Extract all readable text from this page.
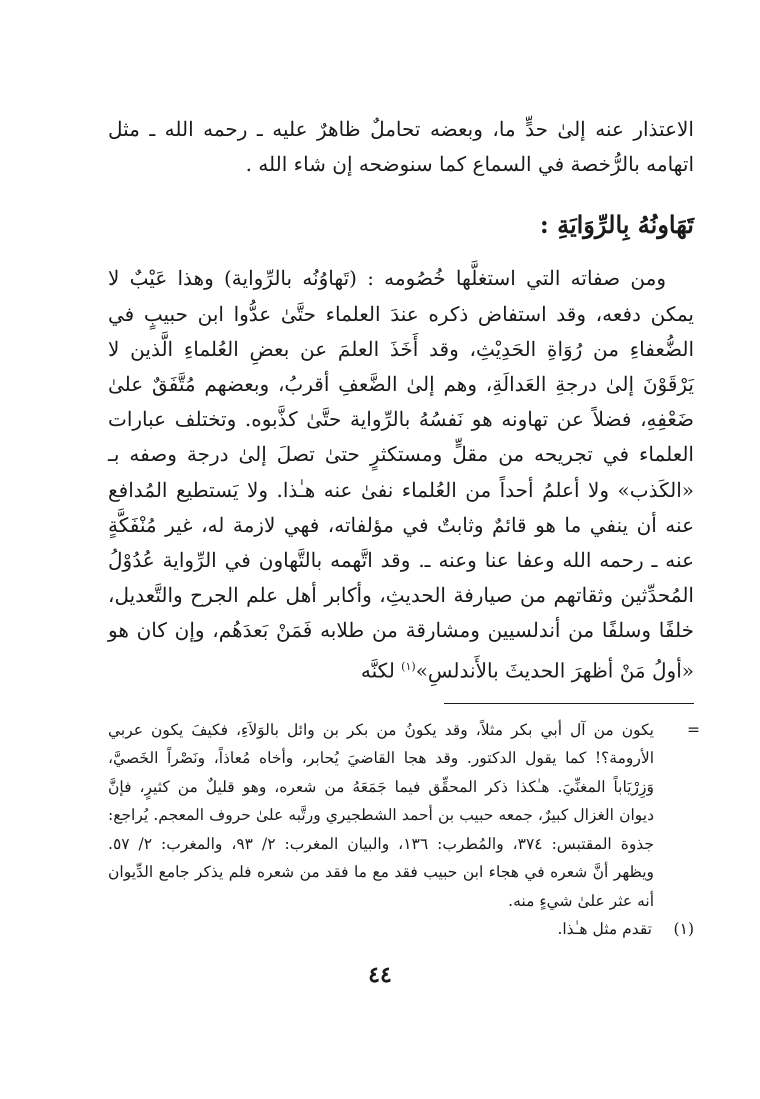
الاعتذار عنه إلىٰ حدٍّ ما، وبعضه تحاملٌ ظاهرٌ عليه ـ رحمه الله ـ مثل اتهامه بالرُّخصة في السماع كما سنوضحه إن شاء الله .

تَهَاونُهُ بِالرِّوَايَةِ :

ومن صفاته التي استغلَّها خُصُومه : (تَهاوُنُه بالرِّواية) وهذا عَيْبٌ لا يمكن دفعه، وقد استفاض ذكره عندَ العلماء حتَّىٰ عدُّوا ابن حبيبٍ في الضُّعفاءِ من رُوَاةِ الحَدِيْثِ، وقد أَخَذَ العلمَ عن بعضِ العُلماءِ الَّذين لا يَرْقَوْنَ إلىٰ درجةِ العَدالَةِ، وهم إلىٰ الضَّعفِ أقربُ، وبعضهم مُتَّفَقٌ علىٰ ضَعْفِهِ، فضلاً عن تهاونه هو نَفسُهُ بالرِّواية حتَّىٰ كذَّبوه. وتختلف عبارات العلماء في تجريحه من مقلٍّ ومستكثرٍ حتىٰ تصلَ إلىٰ درجة وصفه بـ «الكَذب» ولا أعلمُ أحداً من العُلماء نفىٰ عنه هـٰذا. ولا يَستطيع المُدافع عنه أن ينفي ما هو قائمٌ وثابتٌ في مؤلفاته، فهي لازمة له، غير مُنْفَكَّةٍ عنه ـ رحمه الله وعفا عنا وعنه ـ. وقد اتَّهمه بالتَّهاون في الرِّواية عُدُوْلُ المُحدِّثين وثقاتهم من صيارفة الحديثِ، وأكابر أهل علم الجرح والتَّعديل، خلفًا وسلفًا من أندلسيين ومشارقة من طلابه فَمَنْ بَعدَهُم، وإن كان هو «أولُ مَنْ أظهرَ الحديثَ بالأَندلسِ»$^{(١)}$ لكنَّه

=
يكون من آل أبي بكر مثلاً، وقد يكونُ من بكر بن وائل بالوَلاَءِ، فكيفَ يكون عربي الأرومة؟! كما يقول الدكتور. وقد هجا القاضيَ يُحابر، وأخاه مُعاذاً، ونَصْراً الخَصيَّ، وَزِرْيَاباً المغنِّيَ. هـٰكذا ذكر المحقِّق فيما جَمَعَهُ من شعره، وهو قليلٌ من كثيرٍ، فإنَّ ديوان الغزال كبيرٌ، جمعه حبيب بن أحمد الشطجيري ورتَّبه علىٰ حروف المعجم. يُراجع: جذوة المقتبس: ٣٧٤، والمُطرب: ١٣٦، والبيان المغرب: ٢/ ٩٣، والمغرب: ٢/ ٥٧. ويظهر أنَّ شعره في هجاء ابن حبيب فقد مع ما فقد من شعره فلم يذكر جامع الدِّيوان أنه عثر علىٰ شيءٍ منه.
(١)
تقدم مثل هـٰذا.
٤٤
